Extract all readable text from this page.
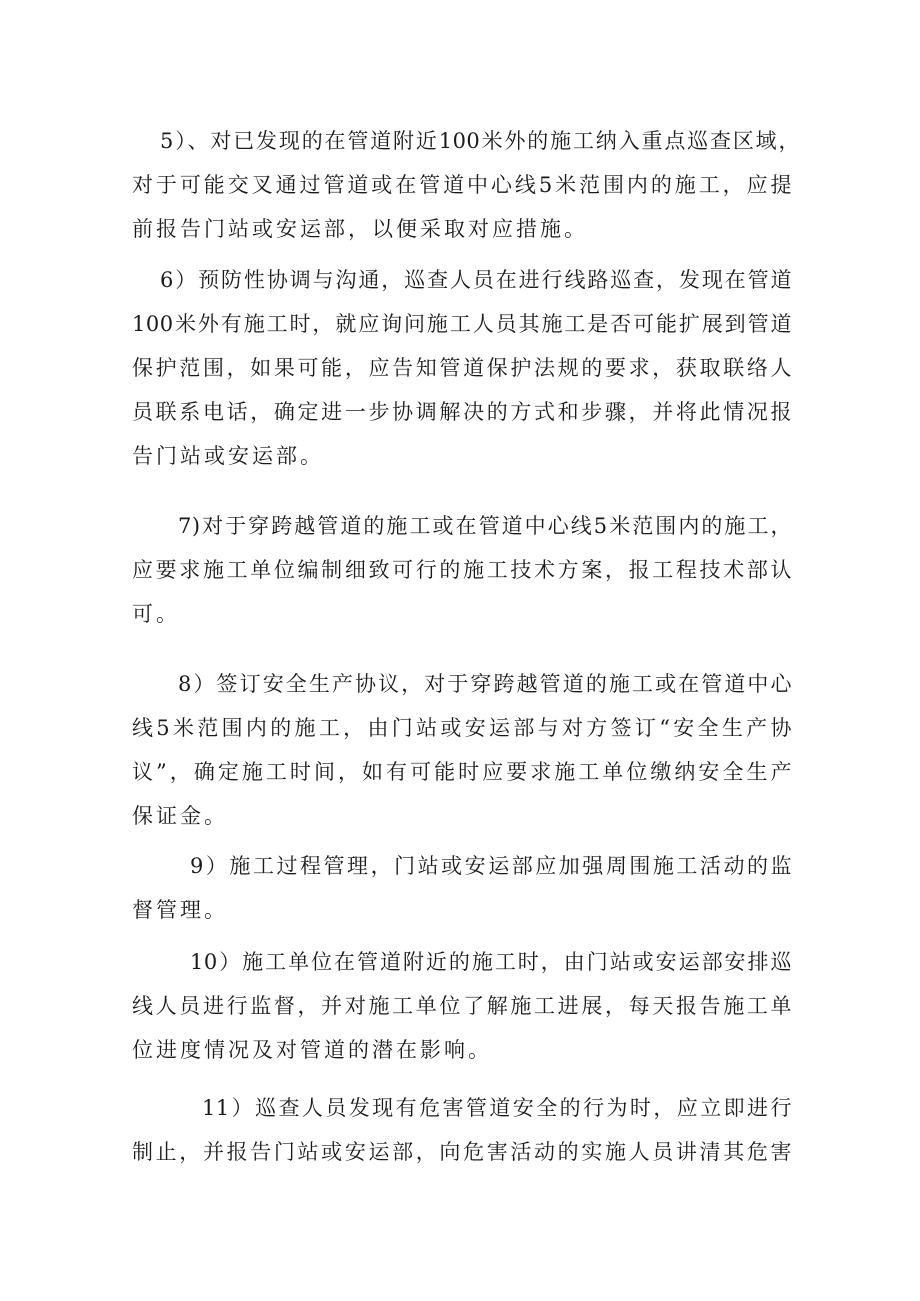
5）、对已发现的在管道附近100米外的施工纳入重点巡查区域，
对于可能交叉通过管道或在管道中心线5米范围内的施工，应提
前报告门站或安运部，以便采取对应措施。
6）预防性协调与沟通，巡查人员在进行线路巡查，发现在管道
100米外有施工时，就应询问施工人员其施工是否可能扩展到管道
保护范围，如果可能，应告知管道保护法规的要求，获取联络人
员联系电话，确定进一步协调解决的方式和步骤，并将此情况报
告门站或安运部。
7)对于穿跨越管道的施工或在管道中心线5米范围内的施工，
应要求施工单位编制细致可行的施工技术方案，报工程技术部认
可。
8）签订安全生产协议，对于穿跨越管道的施工或在管道中心
线5米范围内的施工，由门站或安运部与对方签订“安全生产协
议”，确定施工时间，如有可能时应要求施工单位缴纳安全生产
保证金。
9）施工过程管理，门站或安运部应加强周围施工活动的监
督管理。
10）施工单位在管道附近的施工时，由门站或安运部安排巡
线人员进行监督，并对施工单位了解施工进展，每天报告施工单
位进度情况及对管道的潜在影响。
11）巡查人员发现有危害管道安全的行为时，应立即进行
制止，并报告门站或安运部，向危害活动的实施人员讲清其危害
